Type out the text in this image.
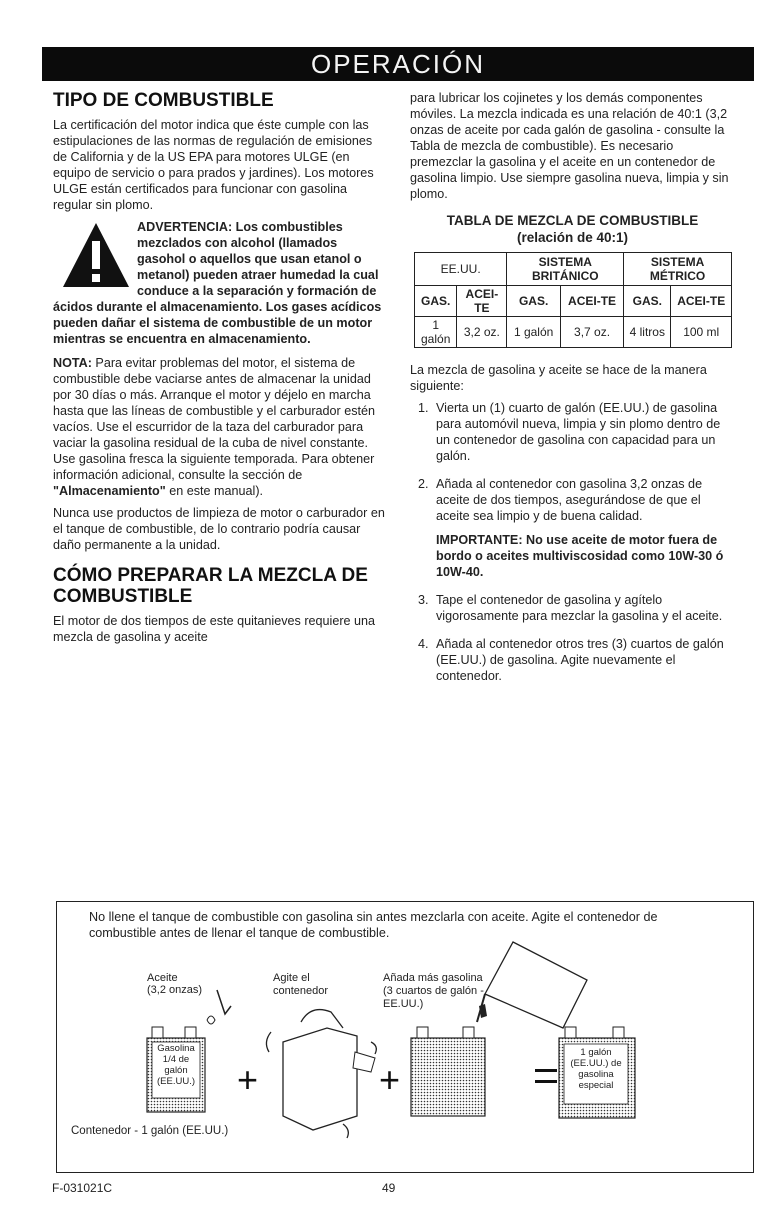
OPERACIÓN
TIPO DE COMBUSTIBLE

La certificación del motor indica que éste cumple con las estipulaciones de las normas de regulación de emisiones de California y de la US EPA para motores ULGE (en equipo de servicio o para prados y jardines). Los motores ULGE están certificados para funcionar con gasolina regular sin plomo.

ADVERTENCIA: Los combustibles mezclados con alcohol (llamados gasohol o aquellos que usan etanol o metanol) pueden atraer humedad la cual conduce a la separación y formación de ácidos durante el almacenamiento. Los gases acídicos pueden dañar el sistema de combustible de un motor mientras se encuentra en almacenamiento.

NOTA: Para evitar problemas del motor, el sistema de combustible debe vaciarse antes de almacenar la unidad por 30 días o más. Arranque el motor y déjelo en marcha hasta que las líneas de combustible y el carburador estén vacíos. Use el escurridor de la taza del carburador para vaciar la gasolina residual de la cuba de nivel constante. Use gasolina fresca la siguiente temporada. Para obtener información adicional, consulte la sección de "Almacenamiento" en este manual).

Nunca use productos de limpieza de motor o carburador en el tanque de combustible, de lo contrario podría causar daño permanente a la unidad.

CÓMO PREPARAR LA MEZCLA DE COMBUSTIBLE

El motor de dos tiempos de este quitanieves requiere una mezcla de gasolina y aceite

para lubricar los cojinetes y los demás componentes móviles. La mezcla indicada es una relación de 40:1 (3,2 onzas de aceite por cada galón de gasolina - consulte la Tabla de mezcla de combustible). Es necesario premezclar la gasolina y el aceite en un contenedor de gasolina limpio. Use siempre gasolina nueva, limpia y sin plomo.

TABLA DE MEZCLA DE COMBUSTIBLE
(relación de 40:1)
EE.UU.		SISTEMA BRITÁNICO		SISTEMA MÉTRICO	
GAS.	ACEI-TE	GAS.	ACEI-TE	GAS.	ACEI-TE
1 galón	3,2 oz.	1 galón	3,7 oz.	4 litros	100 ml

La mezcla de gasolina y aceite se hace de la manera siguiente:

1. Vierta un (1) cuarto de galón (EE.UU.) de gasolina para automóvil nueva, limpia y sin plomo dentro de un contenedor de gasolina con capacidad para un galón.
2. Añada al contenedor con gasolina 3,2 onzas de aceite de dos tiempos, asegurándose de que el aceite sea limpio y de buena calidad.
IMPORTANTE: No use aceite de motor fuera de bordo o aceites multiviscosidad como 10W-30 ó 10W-40.
3. Tape el contenedor de gasolina y agítelo vigorosamente para mezclar la gasolina y el aceite.
4. Añada al contenedor otros tres (3) cuartos de galón (EE.UU.) de gasolina. Agite nuevamente el contenedor.
No llene el tanque de combustible con gasolina sin antes mezclarla con aceite. Agite el contenedor de combustible antes de llenar el tanque de combustible.
+	+
Aceite
(3,2 onzas)
Agite el contenedor
Añada más gasolina (3 cuartos de galón - EE.UU.)
Gasolina 1/4 de galón (EE.UU.)
1 galón (EE.UU.) de gasolina especial
Contenedor - 1 galón (EE.UU.)
F-031021C	49
